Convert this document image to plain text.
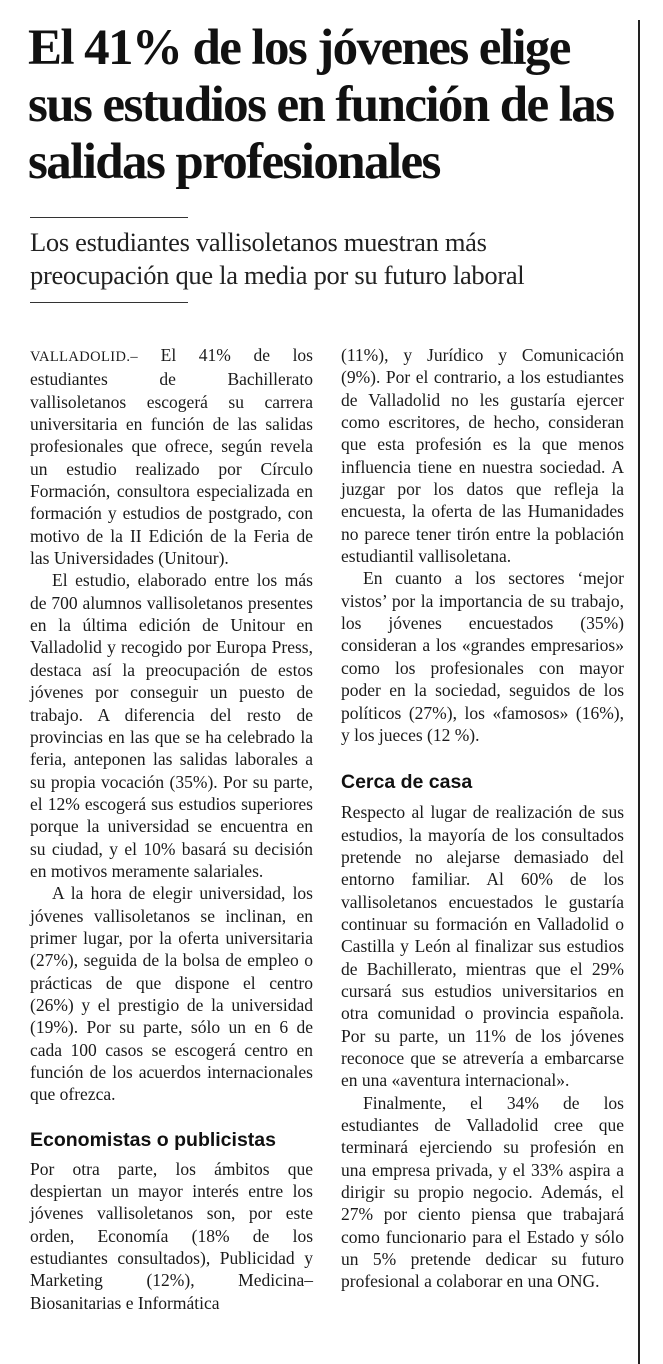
El 41% de los jóvenes elige sus estudios en función de las salidas profesionales

Los estudiantes vallisoletanos muestran más preocupación que la media por su futuro laboral

VALLADOLID.– El 41% de los estudiantes de Bachillerato vallisoletanos escogerá su carrera universitaria en función de las salidas profesionales que ofrece, según revela un estudio realizado por Círculo Formación, consultora especializada en formación y estudios de postgrado, con motivo de la II Edición de la Feria de las Universidades (Unitour).

El estudio, elaborado entre los más de 700 alumnos vallisoletanos presentes en la última edición de Unitour en Valladolid y recogido por Europa Press, destaca así la preocupación de estos jóvenes por conseguir un puesto de trabajo. A diferencia del resto de provincias en las que se ha celebrado la feria, anteponen las salidas laborales a su propia vocación (35%). Por su parte, el 12% escogerá sus estudios superiores porque la universidad se encuentra en su ciudad, y el 10% basará su decisión en motivos meramente salariales.

A la hora de elegir universidad, los jóvenes vallisoletanos se inclinan, en primer lugar, por la oferta universitaria (27%), seguida de la bolsa de empleo o prácticas de que dispone el centro (26%) y el prestigio de la universidad (19%). Por su parte, sólo un en 6 de cada 100 casos se escogerá centro en función de los acuerdos internacionales que ofrezca.

Economistas o publicistas

Por otra parte, los ámbitos que despiertan un mayor interés entre los jóvenes vallisoletanos son, por este orden, Economía (18% de los estudiantes consultados), Publicidad y Marketing (12%), Medicina–Biosanitarias e Informática

(11%), y Jurídico y Comunicación (9%). Por el contrario, a los estudiantes de Valladolid no les gustaría ejercer como escritores, de hecho, consideran que esta profesión es la que menos influencia tiene en nuestra sociedad. A juzgar por los datos que refleja la encuesta, la oferta de las Humanidades no parece tener tirón entre la población estudiantil vallisoletana.

En cuanto a los sectores ‘mejor vistos’ por la importancia de su trabajo, los jóvenes encuestados (35%) consideran a los «grandes empresarios» como los profesionales con mayor poder en la sociedad, seguidos de los políticos (27%), los «famosos» (16%), y los jueces (12 %).

Cerca de casa

Respecto al lugar de realización de sus estudios, la mayoría de los consultados pretende no alejarse demasiado del entorno familiar. Al 60% de los vallisoletanos encuestados le gustaría continuar su formación en Valladolid o Castilla y León al finalizar sus estudios de Bachillerato, mientras que el 29% cursará sus estudios universitarios en otra comunidad o provincia española. Por su parte, un 11% de los jóvenes reconoce que se atrevería a embarcarse en una «aventura internacional».

Finalmente, el 34% de los estudiantes de Valladolid cree que terminará ejerciendo su profesión en una empresa privada, y el 33% aspira a dirigir su propio negocio. Además, el 27% por ciento piensa que trabajará como funcionario para el Estado y sólo un 5% pretende dedicar su futuro profesional a colaborar en una ONG.
